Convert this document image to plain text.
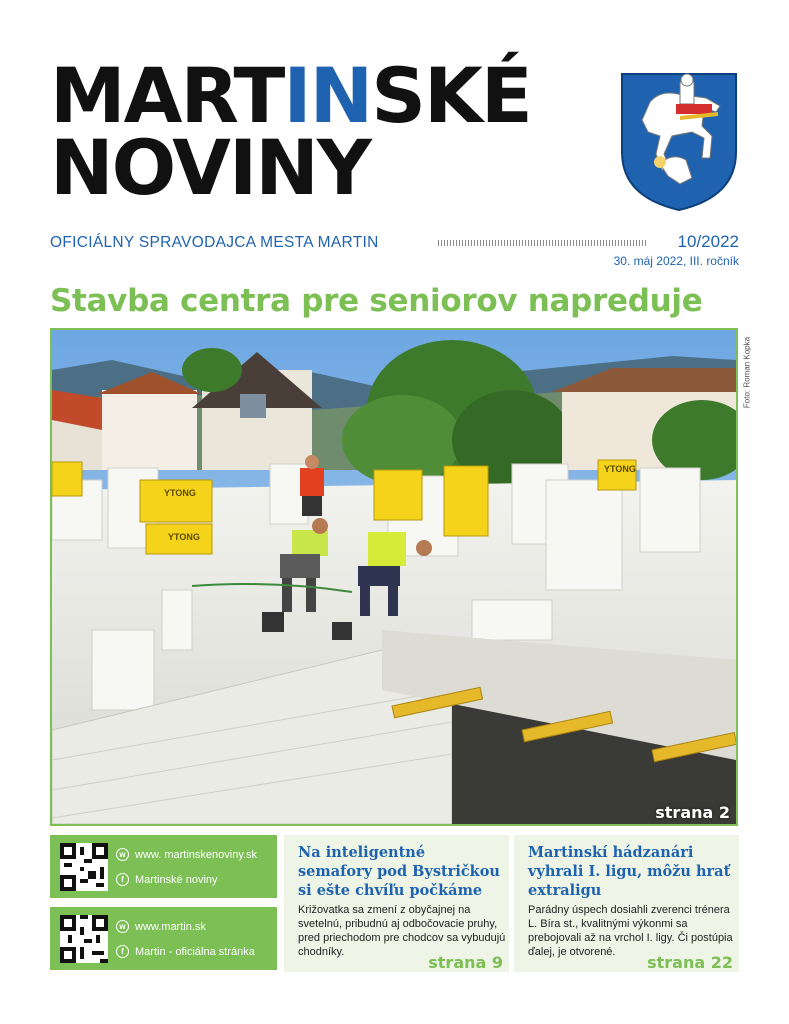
MARTINSKÉ
NOVINY
OFICIÁLNY SPRAVODAJCA MESTA MARTIN	10/2022
30. máj 2022, III. ročník
Stavba centra pre seniorov napreduje
YTONG
YTONG
YTONG
strana 2
Foto: Roman Kopka
w www. martinskenoviny.sk
f	Martinské noviny
w www.martin.sk
f	Martin - oficiálna stránka
Na inteligentné semafory pod Bystričkou si ešte chvíľu počkáme

Križovatka sa zmení z obyčajnej na svetelnú, pribudnú aj odbočovacie pruhy, pred priechodom pre chodcov sa vybudujú chodníky.

strana 9
Martinskí hádzanári vyhrali I. ligu, môžu hrať extraligu

Parádny úspech dosiahli zverenci trénera L. Bíra st., kvalitnými výkonmi sa prebojovali až na vrchol I. ligy. Či postúpia ďalej, je otvorené.

strana 22
